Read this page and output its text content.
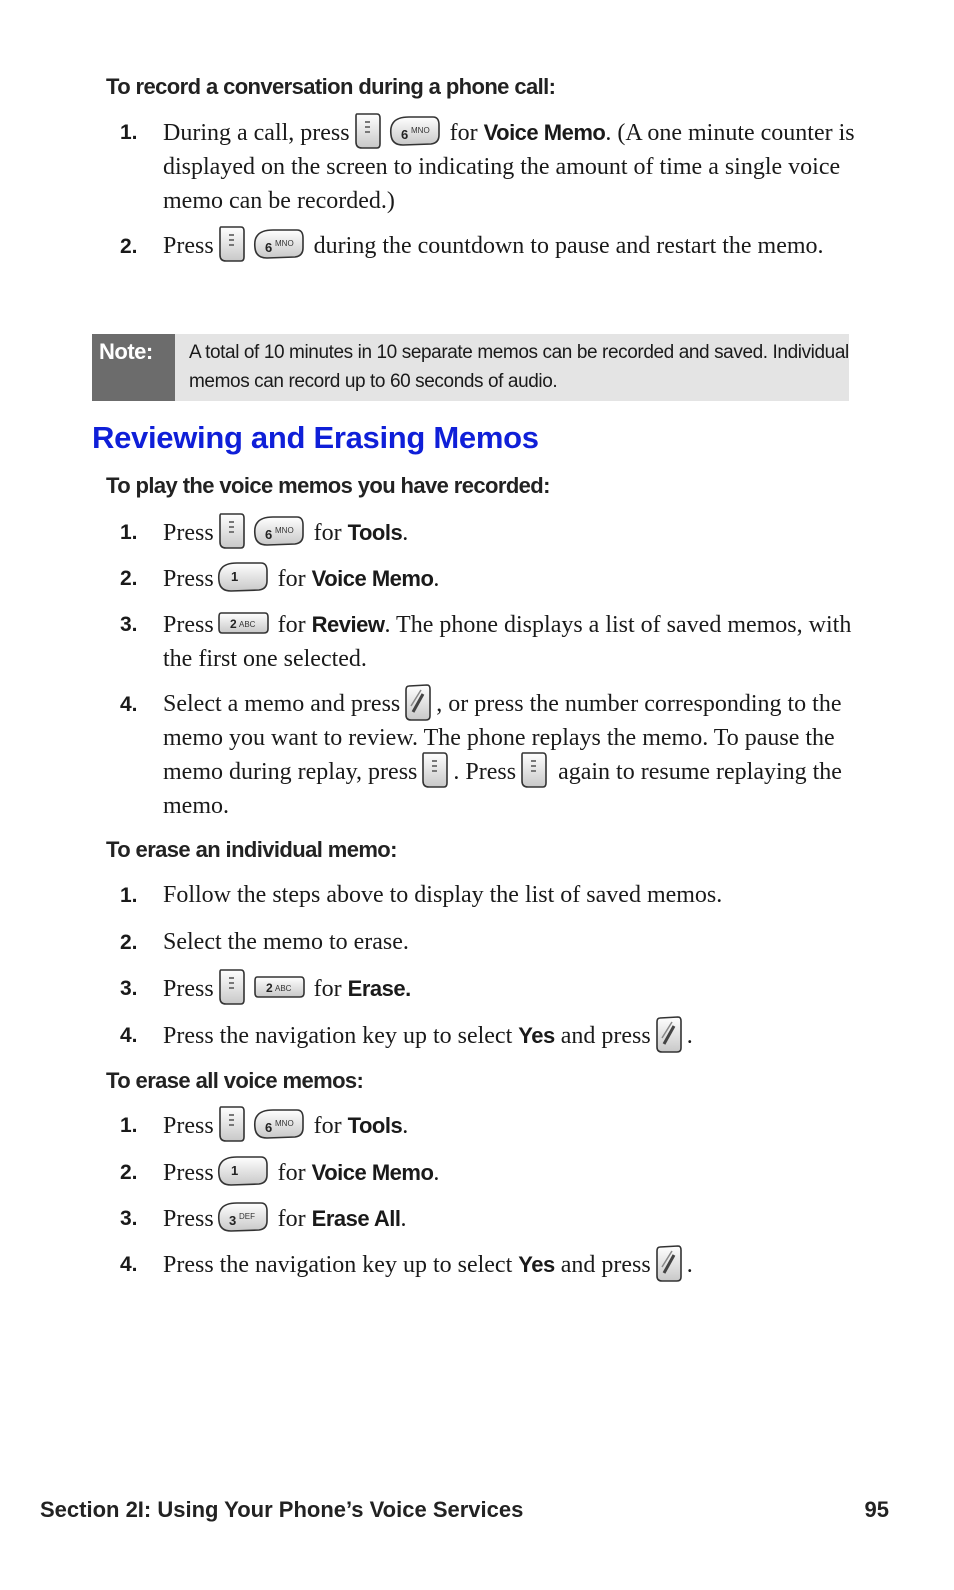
To record a conversation during a phone call:
1.	During a call, press	6 MNO for Voice Memo. (A one minute counter is displayed on the screen to indicating the amount of time a single voice memo can be recorded.)
2.	Press	6 MNO during the countdown to pause and restart the memo.
Note:	A total of 10 minutes in 10 separate memos can be recorded and saved. Individual memos can record up to 60 seconds of audio.
Reviewing and Erasing Memos
To play the voice memos you have recorded:
1.	Press	6 MNO for Tools.
2.	Press 1 for Voice Memo.
3.	Press 2 ABC for Review. The phone displays a list of saved memos, with the first one selected.
4.	Select a memo and press , or press the number corresponding to the memo you want to review. The phone replays the memo. To pause the memo during replay, press . Press
again to resume replaying the memo.
To erase an individual memo:
1.	Follow the steps above to display the list of saved memos.
2.	Select the memo to erase.
3.	Press	2 ABC for Erase.
4.	Press the navigation key up to select Yes and press .
To erase all voice memos:
1.	Press	6 MNO for Tools.
2.	Press 1 for Voice Memo.
3.	Press 3 DEF for Erase All.
4.	Press the navigation key up to select Yes and press .
Section 2I: Using Your Phone’s Voice Services	95
